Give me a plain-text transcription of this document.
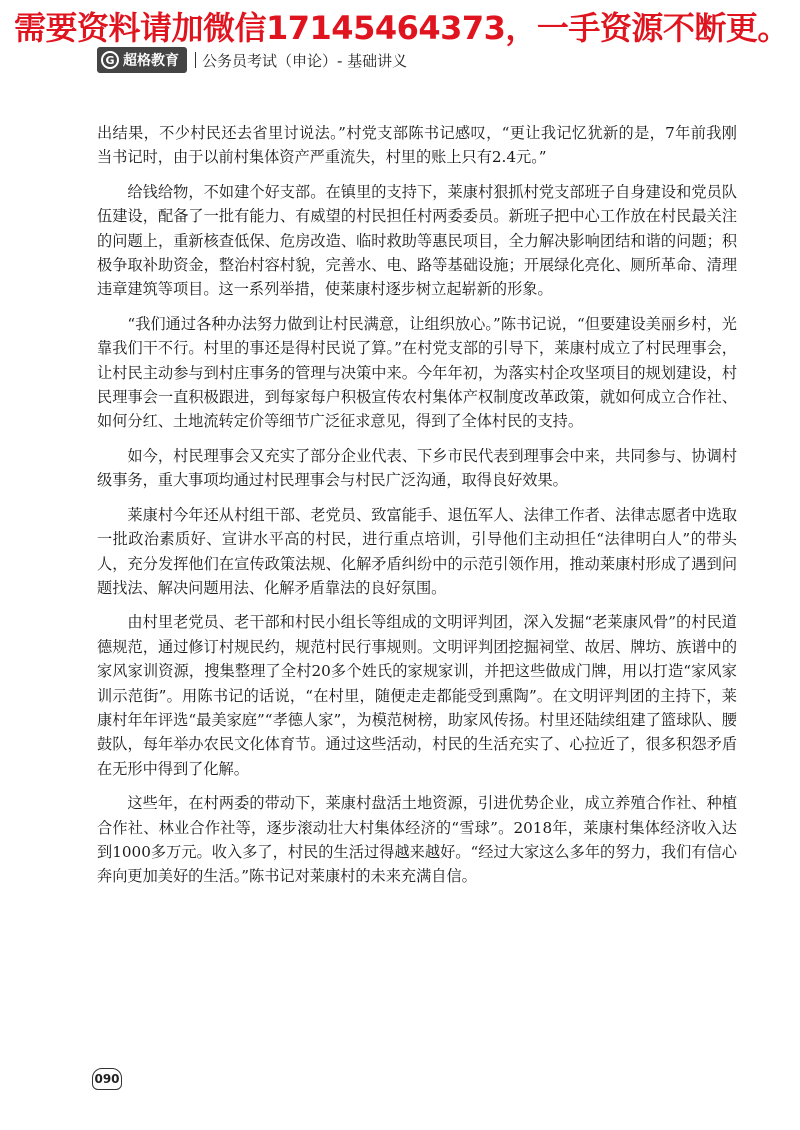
需要资料请加微信17145464373，一手资源不断更。
G 超格教育 公务员考试（申论）- 基础讲义

出结果，不少村民还去省里讨说法。”村党支部陈书记感叹，“更让我记忆犹新的是，7年前我刚当书记时，由于以前村集体资产严重流失，村里的账上只有2.4元。”

给钱给物，不如建个好支部。在镇里的支持下，莱康村狠抓村党支部班子自身建设和党员队伍建设，配备了一批有能力、有威望的村民担任村两委委员。新班子把中心工作放在村民最关注的问题上，重新核查低保、危房改造、临时救助等惠民项目，全力解决影响团结和谐的问题；积极争取补助资金，整治村容村貌，完善水、电、路等基础设施；开展绿化亮化、厕所革命、清理违章建筑等项目。这一系列举措，使莱康村逐步树立起崭新的形象。

“我们通过各种办法努力做到让村民满意，让组织放心。”陈书记说，“但要建设美丽乡村，光靠我们干不行。村里的事还是得村民说了算。”在村党支部的引导下，莱康村成立了村民理事会，让村民主动参与到村庄事务的管理与决策中来。今年年初，为落实村企攻坚项目的规划建设，村民理事会一直积极跟进，到每家每户积极宣传农村集体产权制度改革政策，就如何成立合作社、如何分红、土地流转定价等细节广泛征求意见，得到了全体村民的支持。

如今，村民理事会又充实了部分企业代表、下乡市民代表到理事会中来，共同参与、协调村级事务，重大事项均通过村民理事会与村民广泛沟通，取得良好效果。

莱康村今年还从村组干部、老党员、致富能手、退伍军人、法律工作者、法律志愿者中选取一批政治素质好、宣讲水平高的村民，进行重点培训，引导他们主动担任“法律明白人”的带头人，充分发挥他们在宣传政策法规、化解矛盾纠纷中的示范引领作用，推动莱康村形成了遇到问题找法、解决问题用法、化解矛盾靠法的良好氛围。

由村里老党员、老干部和村民小组长等组成的文明评判团，深入发掘“老莱康风骨”的村民道德规范，通过修订村规民约，规范村民行事规则。文明评判团挖掘祠堂、故居、牌坊、族谱中的家风家训资源，搜集整理了全村20多个姓氏的家规家训，并把这些做成门牌，用以打造“家风家训示范街”。用陈书记的话说，“在村里，随便走走都能受到熏陶”。在文明评判团的主持下，莱康村年年评选“最美家庭”“孝德人家”，为模范树榜，助家风传扬。村里还陆续组建了篮球队、腰鼓队，每年举办农民文化体育节。通过这些活动，村民的生活充实了、心拉近了，很多积怨矛盾在无形中得到了化解。

这些年，在村两委的带动下，莱康村盘活土地资源，引进优势企业，成立养殖合作社、种植合作社、林业合作社等，逐步滚动壮大村集体经济的“雪球”。2018年，莱康村集体经济收入达到1000多万元。收入多了，村民的生活过得越来越好。“经过大家这么多年的努力，我们有信心奔向更加美好的生活。”陈书记对莱康村的未来充满自信。

090
